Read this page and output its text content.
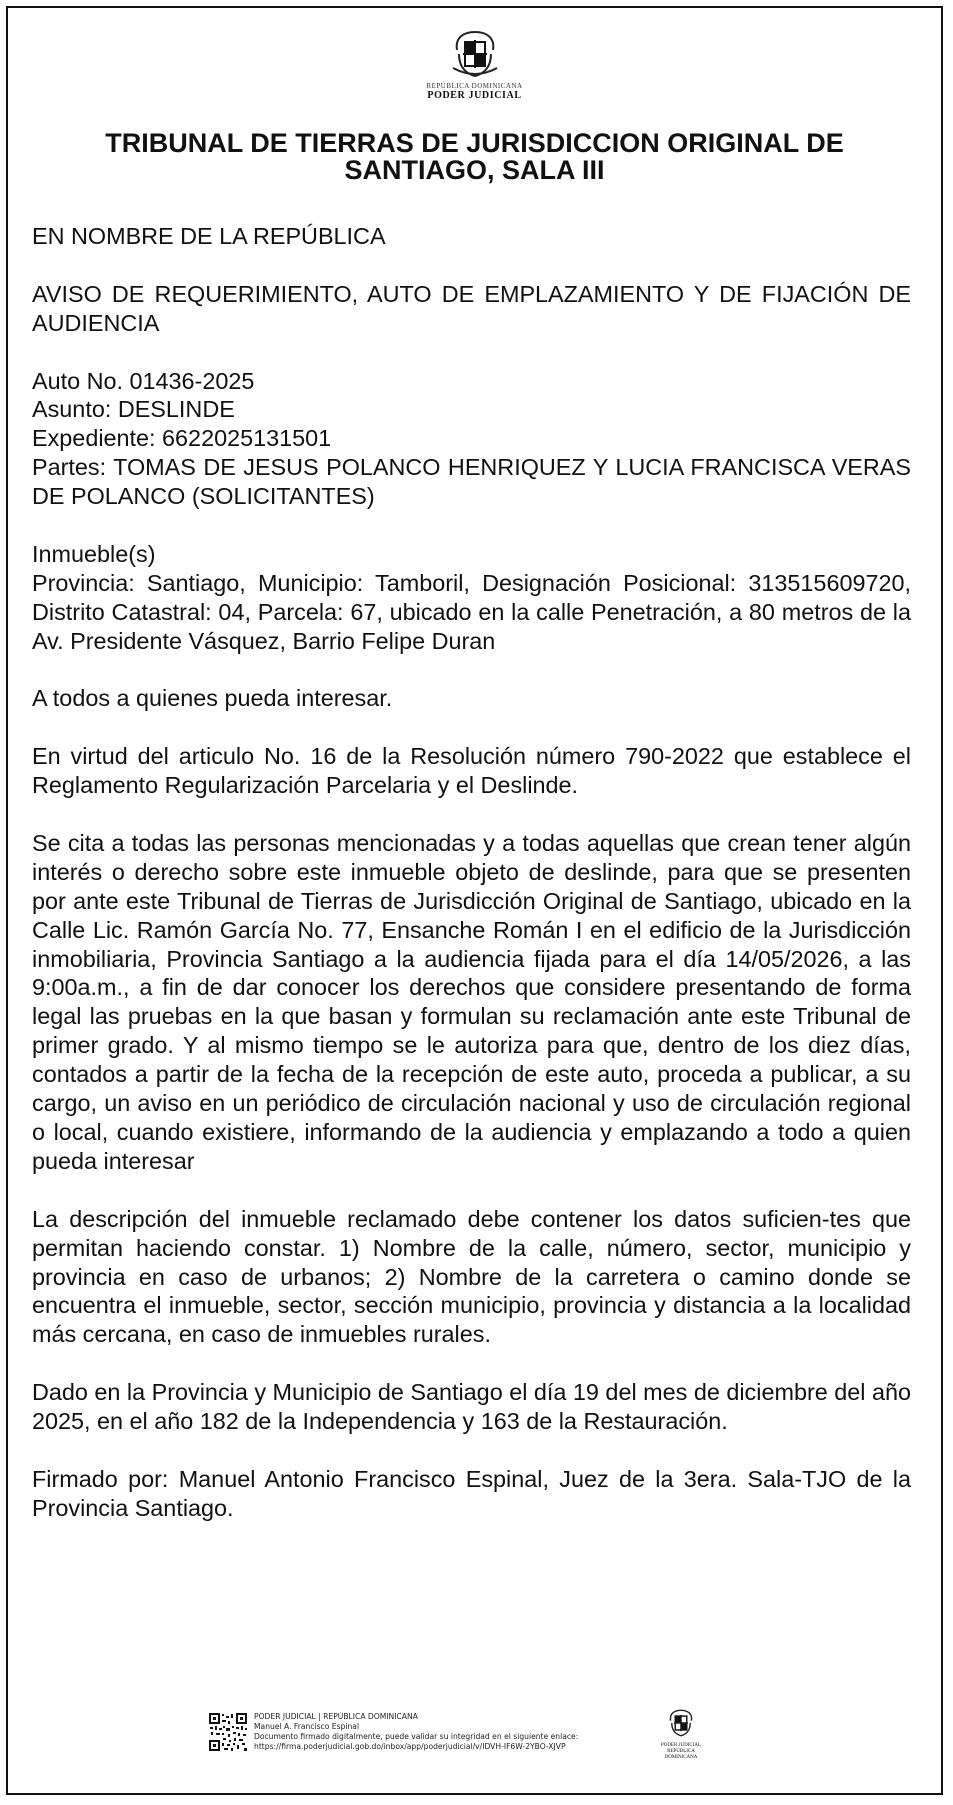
REPÚBLICA DOMINICANA
PODER JUDICIAL
TRIBUNAL DE TIERRAS DE JURISDICCION ORIGINAL DE SANTIAGO, SALA III

EN NOMBRE DE LA REPÚBLICA

AVISO DE REQUERIMIENTO, AUTO DE EMPLAZAMIENTO Y DE FIJACIÓN DE AUDIENCIA

Auto No. 01436-2025
Asunto: DESLINDE
Expediente: 6622025131501

Partes: TOMAS DE JESUS POLANCO HENRIQUEZ Y LUCIA FRANCISCA VERAS DE POLANCO (SOLICITANTES)

Inmueble(s)

Provincia: Santiago, Municipio: Tamboril, Designación Posicional: 313515609720, Distrito Catastral: 04, Parcela: 67, ubicado en la calle Penetración, a 80 metros de la Av. Presidente Vásquez, Barrio Felipe Duran

A todos a quienes pueda interesar.

En virtud del articulo No. 16 de la Resolución número 790-2022 que establece el Reglamento Regularización Parcelaria y el Deslinde.

Se cita a todas las personas mencionadas y a todas aquellas que crean tener algún interés o derecho sobre este inmueble objeto de deslinde, para que se presenten por ante este Tribunal de Tierras de Jurisdicción Original de Santiago, ubicado en la Calle Lic. Ramón García No. 77, Ensanche Román I en el edificio de la Jurisdicción inmobiliaria, Provincia Santiago a la audiencia fijada para el día 14/05/2026, a las 9:00a.m., a fin de dar conocer los derechos que considere presentando de forma legal las pruebas en la que basan y formulan su reclamación ante este Tribunal de primer grado. Y al mismo tiempo se le autoriza para que, dentro de los diez días, contados a partir de la fecha de la recepción de este auto, proceda a publicar, a su cargo, un aviso en un periódico de circulación nacional y uso de circulación regional o local, cuando existiere, informando de la audiencia y emplazando a todo a quien pueda interesar

La descripción del inmueble reclamado debe contener los datos suficien-tes que permitan haciendo constar. 1) Nombre de la calle, número, sector, municipio y provincia en caso de urbanos; 2) Nombre de la carretera o camino donde se encuentra el inmueble, sector, sección municipio, provincia y distancia a la localidad más cercana, en caso de inmuebles rurales.

Dado en la Provincia y Municipio de Santiago el día 19 del mes de diciembre del año 2025, en el año 182 de la Independencia y 163 de la Restauración.

Firmado por: Manuel Antonio Francisco Espinal, Juez de la 3era. Sala-TJO de la Provincia Santiago.

PODER JUDICIAL | REPÚBLICA DOMINICANA
Manuel A. Francisco Espinal
Documento firmado digitalmente, puede validar su integridad en el siguiente enlace:
https://firma.poderjudicial.gob.do/inbox/app/poderjudicial/v/IDVH-IF6W-2YBO-XJVP	PODER JUDICIAL
REPÚBLICA DOMINICANA
